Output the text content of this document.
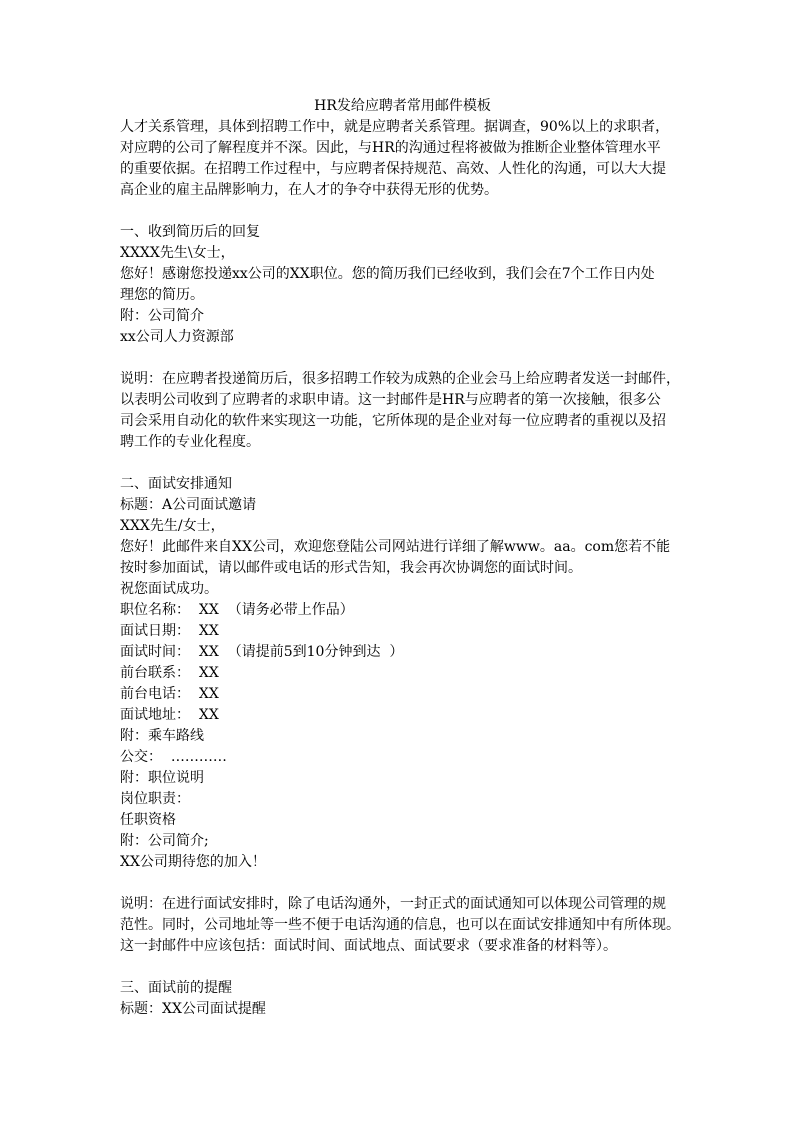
HR发给应聘者常用邮件模板

人才关系管理，具体到招聘工作中，就是应聘者关系管理。据调查，90%以上的求职者，

对应聘的公司了解程度并不深。因此，与HR的沟通过程将被做为推断企业整体管理水平

的重要依据。在招聘工作过程中，与应聘者保持规范、高效、人性化的沟通，可以大大提

高企业的雇主品牌影响力，在人才的争夺中获得无形的优势。

一、收到简历后的回复

XXXX先生\女士，

您好！感谢您投递xx公司的XX职位。您的简历我们已经收到，我们会在7个工作日内处

理您的简历。

附：公司简介

xx公司人力资源部

说明：在应聘者投递简历后，很多招聘工作较为成熟的企业会马上给应聘者发送一封邮件，

以表明公司收到了应聘者的求职申请。这一封邮件是HR与应聘者的第一次接触，很多公

司会采用自动化的软件来实现这一功能，它所体现的是企业对每一位应聘者的重视以及招

聘工作的专业化程度。

二、面试安排通知

标题：A公司面试邀请

XXX先生/女士，

您好！此邮件来自XX公司，欢迎您登陆公司网站进行详细了解www。aa。com您若不能

按时参加面试，请以邮件或电话的形式告知，我会再次协调您的面试时间。

祝您面试成功。

职位名称：  XX  （请务必带上作品）

面试日期：  XX

面试时间：  XX  （请提前5到10分钟到达  ）

前台联系：  XX

前台电话：  XX

面试地址：  XX

附：乘车路线

公交：  …………

附：职位说明

岗位职责：

任职资格

附：公司简介;

XX公司期待您的加入！

说明：在进行面试安排时，除了电话沟通外，一封正式的面试通知可以体现公司管理的规

范性。同时，公司地址等一些不便于电话沟通的信息，也可以在面试安排通知中有所体现。

这一封邮件中应该包括：面试时间、面试地点、面试要求（要求准备的材料等）。

三、面试前的提醒

标题：XX公司面试提醒
